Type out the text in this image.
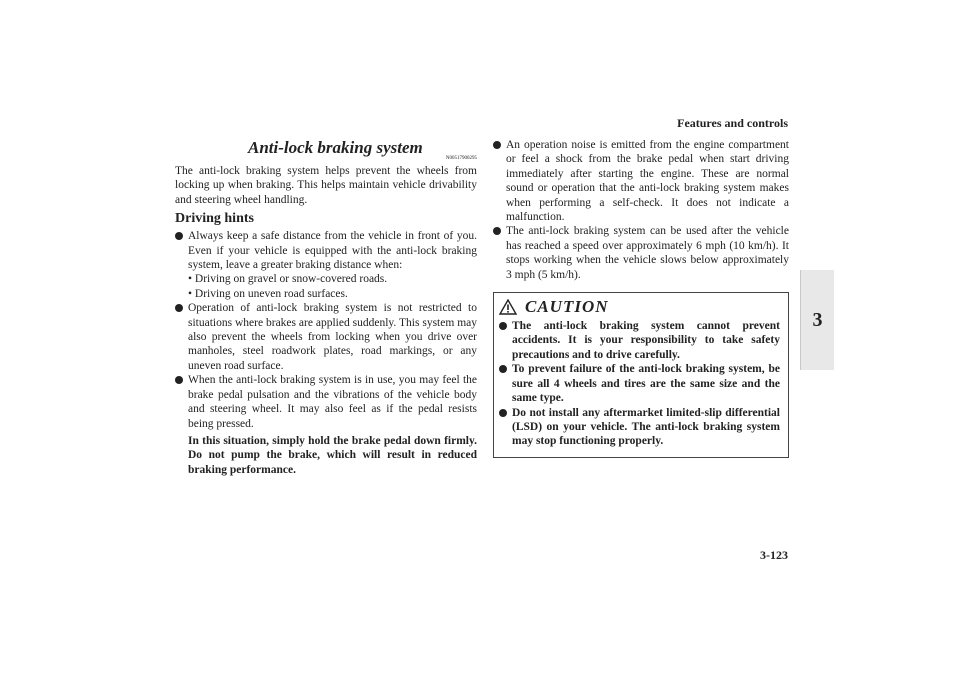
Features and controls
3
Anti-lock braking system
N00517900295

The anti-lock braking system helps prevent the wheels from locking up when braking. This helps maintain vehicle drivability and steering wheel handling.

Driving hints
Always keep a safe distance from the vehicle in front of you. Even if your vehicle is equipped with the anti-lock braking system, leave a greater braking distance when:
• Driving on gravel or snow-covered roads.
• Driving on uneven road surfaces.
Operation of anti-lock braking system is not restricted to situations where brakes are applied suddenly. This system may also prevent the wheels from locking when you drive over manholes, steel roadwork plates, road markings, or any uneven road surface.
When the anti-lock braking system is in use, you may feel the brake pedal pulsation and the vibrations of the vehicle body and steering wheel. It may also feel as if the pedal resists being pressed.
In this situation, simply hold the brake pedal down firmly. Do not pump the brake, which will result in reduced braking performance.
An operation noise is emitted from the engine compartment or feel a shock from the brake pedal when start driving immediately after starting the engine. These are normal sound or operation that the anti-lock braking system makes when performing a self-check. It does not indicate a malfunction.
The anti-lock braking system can be used after the vehicle has reached a speed over approximately 6 mph (10 km/h). It stops working when the vehicle slows below approximately 3 mph (5 km/h).
CAUTION
The anti-lock braking system cannot prevent accidents. It is your responsibility to take safety precautions and to drive carefully.
To prevent failure of the anti-lock braking system, be sure all 4 wheels and tires are the same size and the same type.
Do not install any aftermarket limited-slip differential (LSD) on your vehicle. The anti-lock braking system may stop functioning properly.
3-123
